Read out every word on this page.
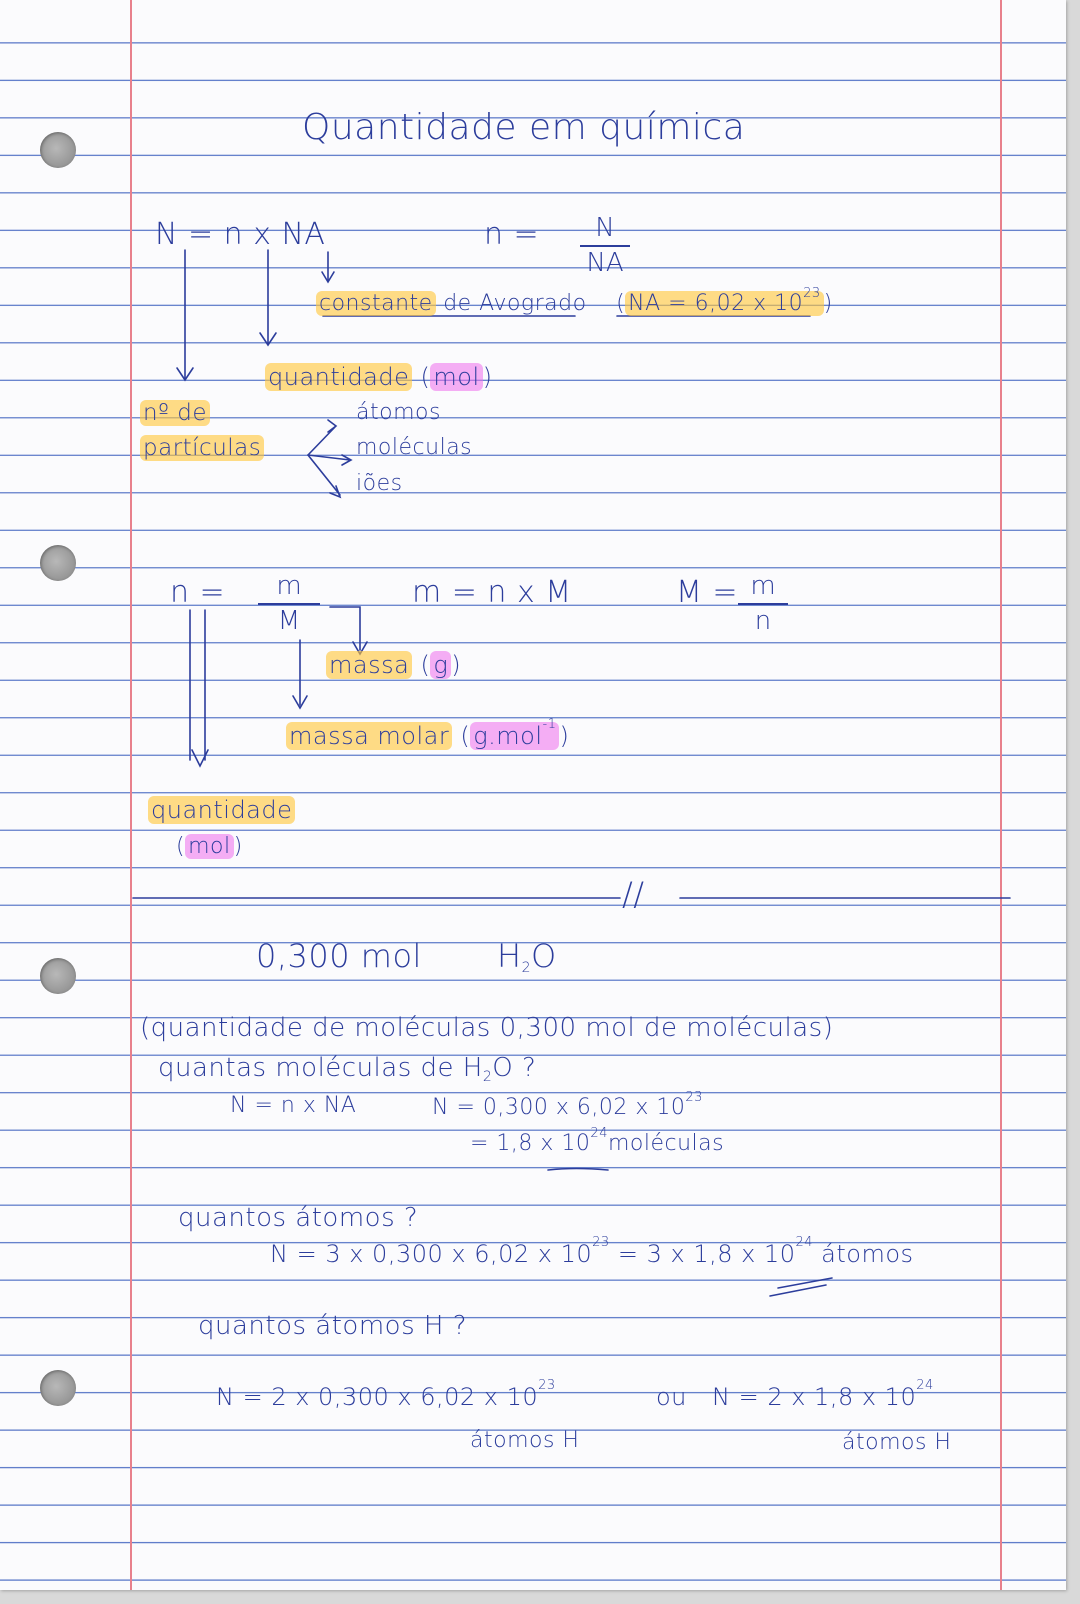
Quantidade em química
N = n x NA	n = N
NA
constante de Avogrado ( NA = 6,02 x $10^{23}$ )
quantidade ( mol )
nº de
partículas
átomos
moléculas
iões
n = m
M
m = n x M	M = m
n
massa ( g )
massa molar ( g.mol$^{-1}$ )
quantidade
( mol )
//
0,300 mol H2O
(quantidade de moléculas 0,300 mol de moléculas)
quantas moléculas de H2O ?
N = n x NA	N = 0,300 x 6,02 x $10^{23}$
= 1,8 x $10^{24}moléculas$
quantos átomos ?
N = 3 x 0,300 x 6,02 x $10^{23} = 3$ x 1,8 x $10^{24}$ átomos
quantos átomos H ?
N = 2 x 0,300 x 6,02 x $10^{23}$
átomos H
ou N = 2 x 1,8 x $10^{24}$
átomos H
